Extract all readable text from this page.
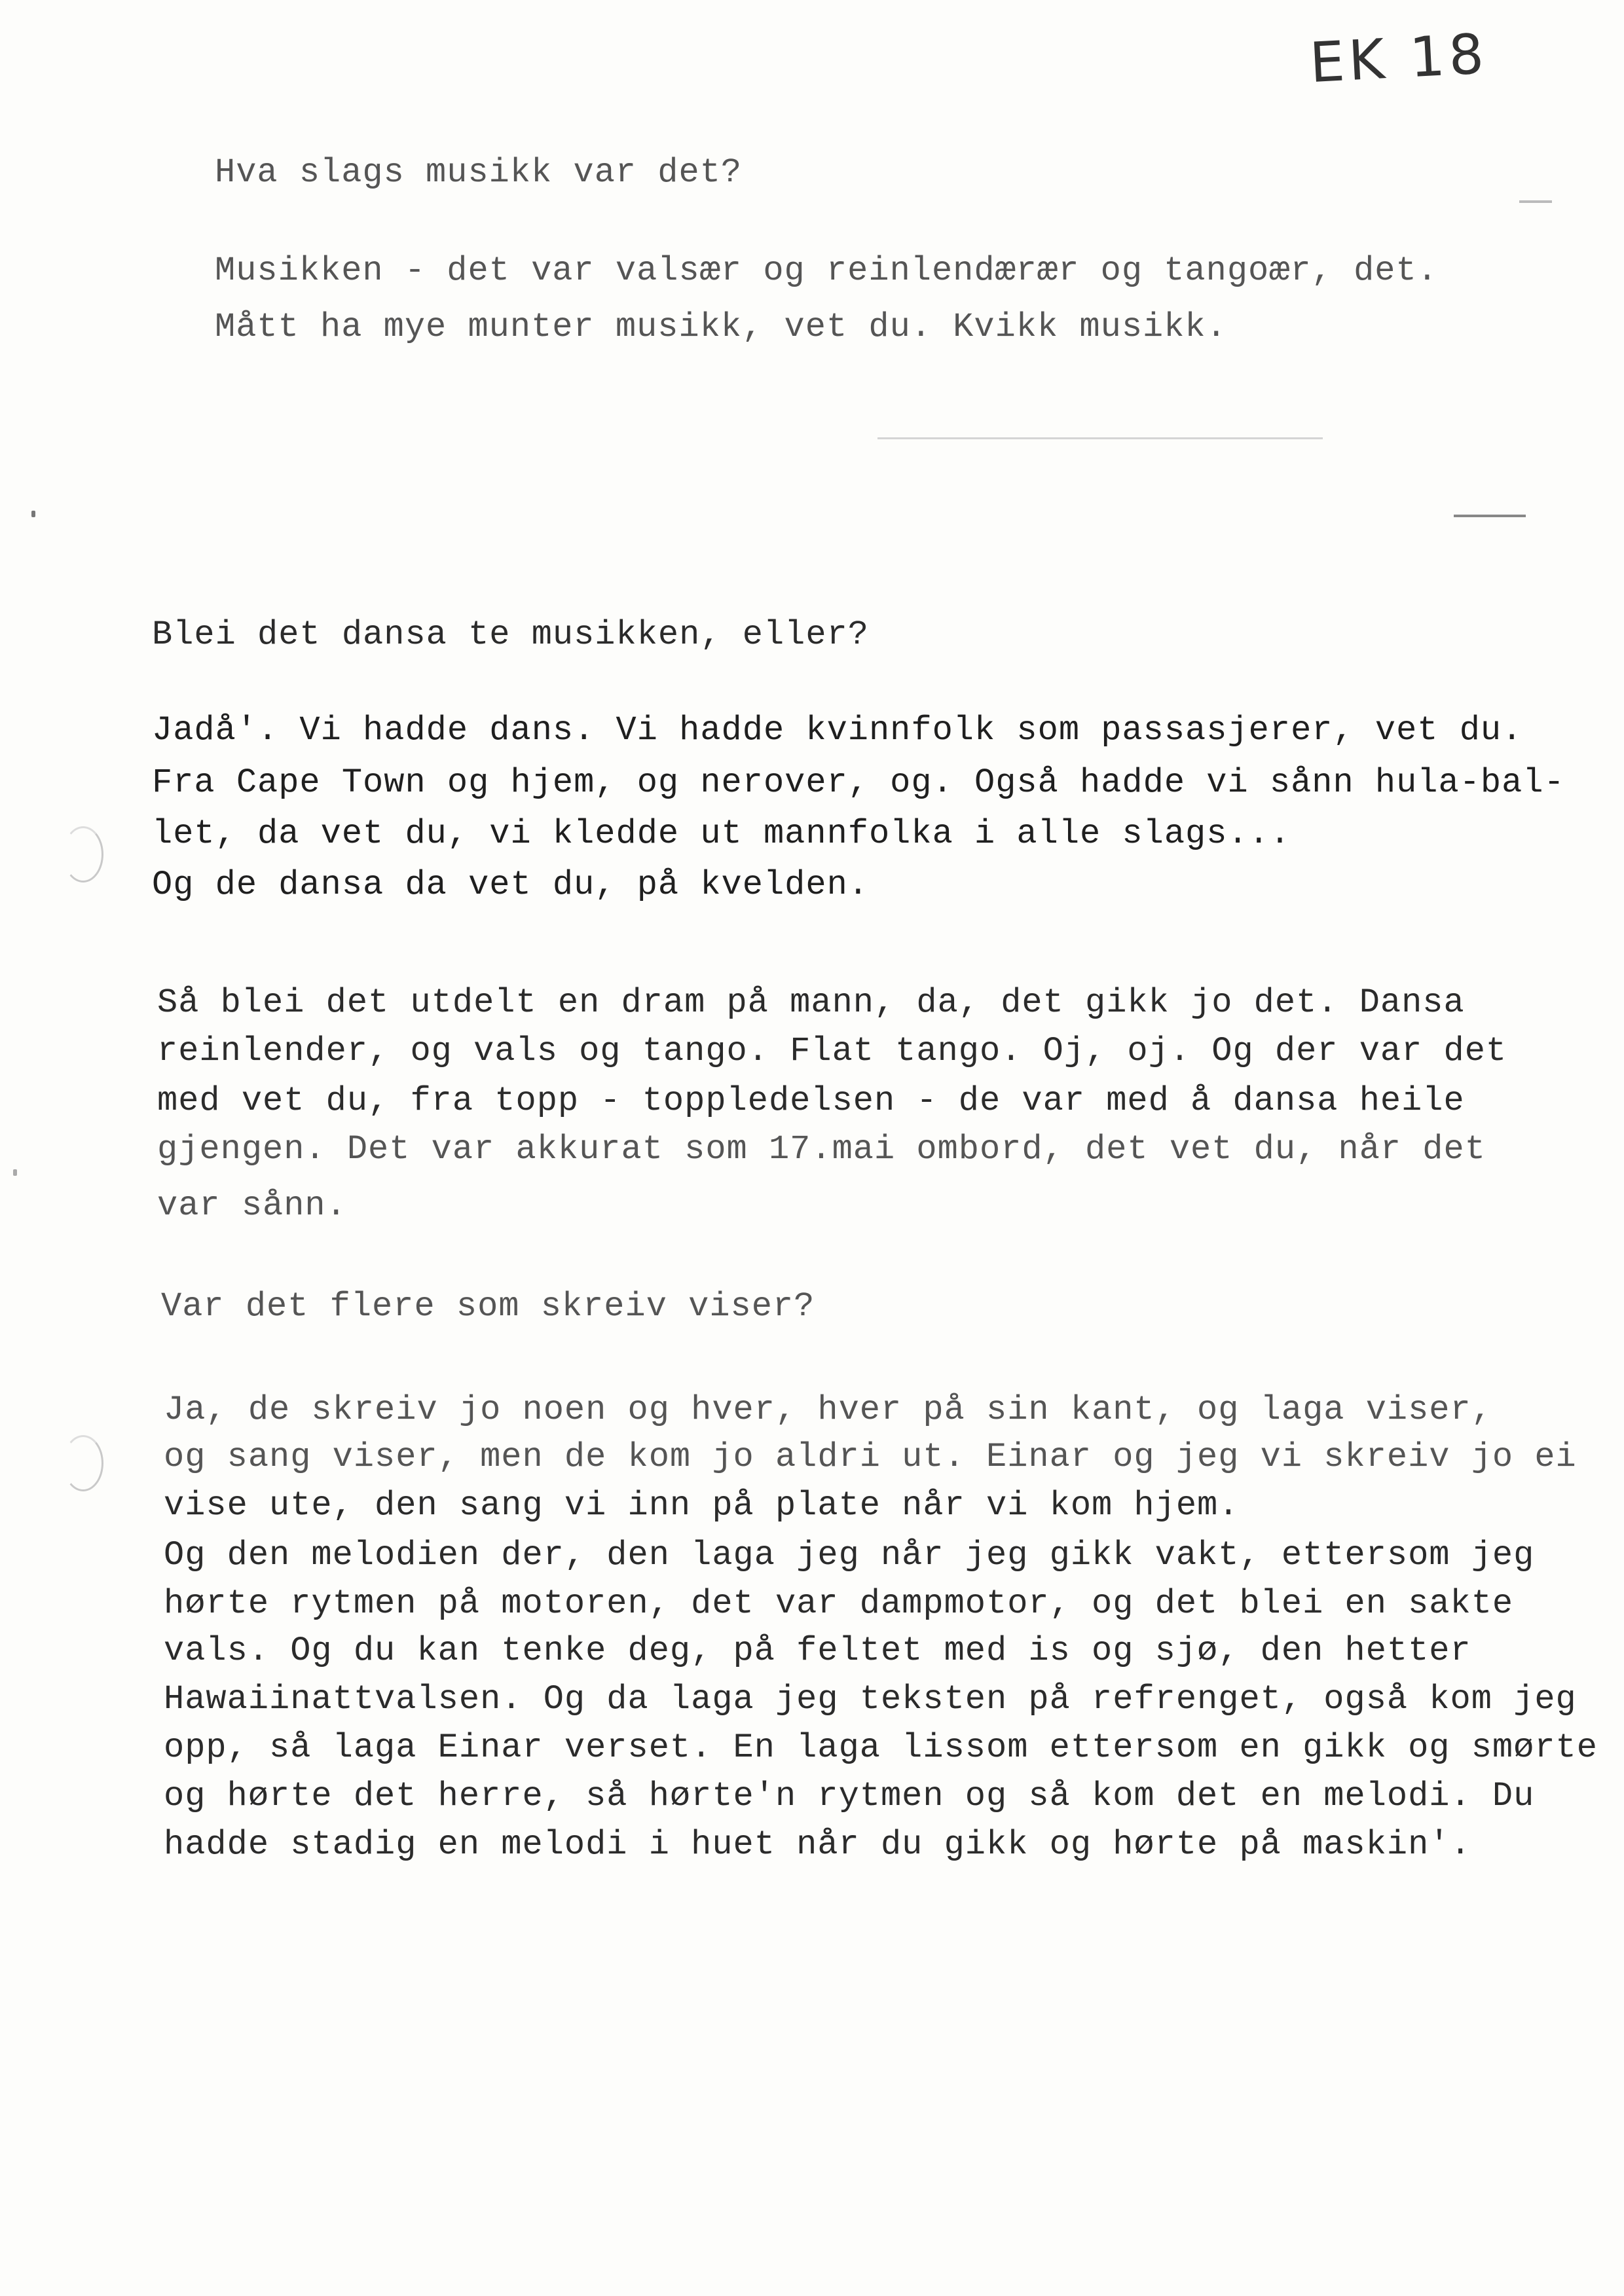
EK 18
Hva slags musikk var det?
Musikken - det var valsær og reinlendærær og tangoær, det.
Mått ha mye munter musikk, vet du. Kvikk musikk.
Blei det dansa te musikken, eller?
Jadå'. Vi hadde dans. Vi hadde kvinnfolk som passasjerer, vet du.
Fra Cape Town og hjem, og nerover, og. Også hadde vi sånn hula-bal-
let, da vet du, vi kledde ut mannfolka i alle slags...
Og de dansa da vet du, på kvelden.
Så blei det utdelt en dram på mann, da, det gikk jo det. Dansa
reinlender, og vals og tango. Flat tango. Oj, oj. Og der var det
med vet du, fra topp - toppledelsen - de var med å dansa heile
gjengen. Det var akkurat som 17.mai ombord, det vet du, når det
var sånn.
Var det flere som skreiv viser?
Ja, de skreiv jo noen og hver, hver på sin kant, og laga viser,
og sang viser, men de kom jo aldri ut. Einar og jeg vi skreiv jo ei
vise ute, den sang vi inn på plate når vi kom hjem.
Og den melodien der, den laga jeg når jeg gikk vakt, ettersom jeg
hørte rytmen på motoren, det var dampmotor, og det blei en sakte
vals. Og du kan tenke deg, på feltet med is og sjø, den hetter
Hawaiinattvalsen. Og da laga jeg teksten på refrenget, også kom jeg
opp, så laga Einar verset. En laga lissom ettersom en gikk og smørte
og hørte det herre, så hørte'n rytmen og så kom det en melodi. Du
hadde stadig en melodi i huet når du gikk og hørte på maskin'.
